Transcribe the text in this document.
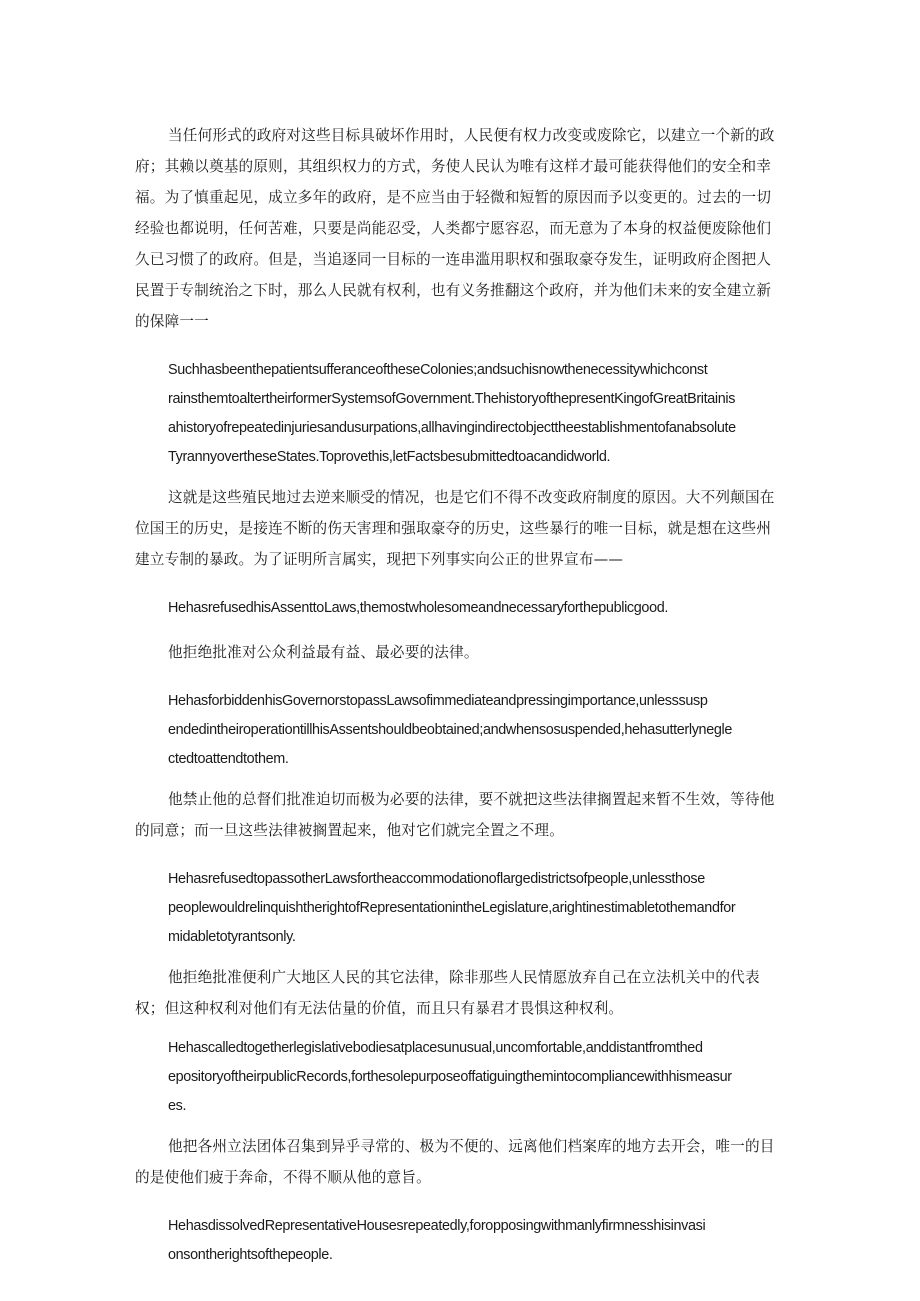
当任何形式的政府对这些目标具破坏作用时，人民便有权力改变或废除它，以建立一个新的政府；其赖以奠基的原则，其组织权力的方式，务使人民认为唯有这样才最可能获得他们的安全和幸福。为了慎重起见，成立多年的政府，是不应当由于轻微和短暂的原因而予以变更的。过去的一切经验也都说明，任何苦难，只要是尚能忍受，人类都宁愿容忍，而无意为了本身的权益便废除他们久已习惯了的政府。但是，当追逐同一目标的一连串滥用职权和强取豪夺发生，证明政府企图把人民置于专制统治之下时，那么人民就有权利，也有义务推翻这个政府，并为他们未来的安全建立新的保障一一

SuchhasbeenthepatientsufferanceoftheseColonies;andsuchisnowthenecessitywhichconst
rainsthemtoaltertheirformerSystemsofGovernment.ThehistoryofthepresentKingofGreatBritainis
ahistoryofrepeatedinjuriesandusurpations,allhavingindirectobjecttheestablishmentofanabsolute
TyrannyovertheseStates.Toprovethis,letFactsbesubmittedtoacandidworld.

这就是这些殖民地过去逆来顺受的情况，也是它们不得不改变政府制度的原因。大不列颠国在位国王的历史，是接连不断的伤天害理和强取豪夺的历史，这些暴行的唯一目标，就是想在这些州建立专制的暴政。为了证明所言属实，现把下列事实向公正的世界宣布——

HehasrefusedhisAssenttoLaws,themostwholesomeandnecessaryforthepublicgood.

他拒绝批准对公众利益最有益、最必要的法律。

HehasforbiddenhisGovernorstopassLawsofimmediateandpressingimportance,unlesssusp
endedintheiroperationtillhisAssentshouldbeobtained;andwhensosuspended,hehasutterlynegle
ctedtoattendtothem.

他禁止他的总督们批准迫切而极为必要的法律，要不就把这些法律搁置起来暂不生效，等待他的同意；而一旦这些法律被搁置起来，他对它们就完全置之不理。

HehasrefusedtopassotherLawsfortheaccommodationoflargedistrictsofpeople,unlessthose
peoplewouldrelinquishtherightofRepresentationintheLegislature,arightinestimabletothemandfor
midabletotyrantsonly.

他拒绝批准便利广大地区人民的其它法律，除非那些人民情愿放弃自己在立法机关中的代表权；但这种权利对他们有无法估量的价值，而且只有暴君才畏惧这种权利。

Hehascalledtogetherlegislativebodiesatplacesunusual,uncomfortable,anddistantfromthed
epositoryoftheirpublicRecords,forthesolepurposeoffatiguingthemintocompliancewithhismeasur
es.

他把各州立法团体召集到异乎寻常的、极为不便的、远离他们档案库的地方去开会，唯一的目的是使他们疲于奔命，不得不顺从他的意旨。

HehasdissolvedRepresentativeHousesrepeatedly,foropposingwithmanlyfirmnesshisinvasi
onsontherightsofthepeople.
